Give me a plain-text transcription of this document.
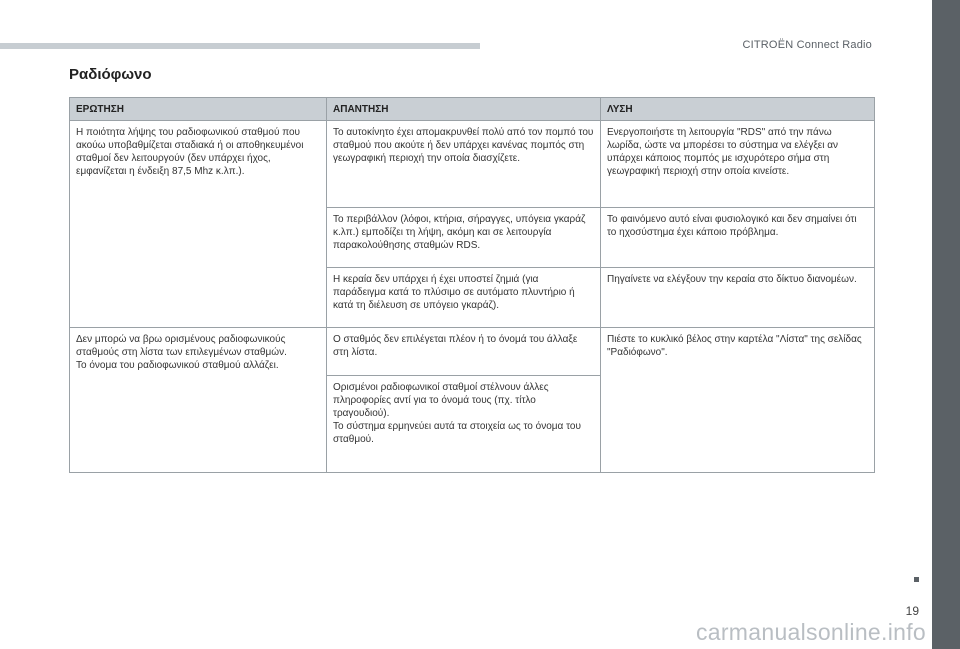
CITROËN Connect Radio
Ραδιόφωνο
ΕΡΩΤΗΣΗ	ΑΠΑΝΤΗΣΗ	ΛΥΣΗ

Η ποιότητα λήψης του ραδιοφωνικού σταθμού που ακούω υποβαθμίζεται σταδιακά ή οι αποθηκευμένοι σταθμοί δεν λειτουργούν (δεν υπάρχει ήχος, εμφανίζεται η ένδειξη 87,5 Mhz κ.λπ.).	Το αυτοκίνητο έχει απομακρυνθεί πολύ από τον πομπό του σταθμού που ακούτε ή δεν υπάρχει κανένας πομπός στη γεωγραφική περιοχή την οποία διασχίζετε.	Ενεργοποιήστε τη λειτουργία "RDS" από την πάνω λωρίδα, ώστε να μπορέσει το σύστημα να ελέγξει αν υπάρχει κάποιος πομπός με ισχυρότερο σήμα στη γεωγραφική περιοχή στην οποία κινείστε.

	Το περιβάλλον (λόφοι, κτήρια, σήραγγες, υπόγεια γκαράζ κ.λπ.) εμποδίζει τη λήψη, ακόμη και σε λειτουργία παρακολούθησης σταθμών RDS.	Το φαινόμενο αυτό είναι φυσιολογικό και δεν σημαίνει ότι το ηχοσύστημα έχει κάποιο πρόβλημα.

	Η κεραία δεν υπάρχει ή έχει υποστεί ζημιά (για παράδειγμα κατά το πλύσιμο σε αυτόματο πλυντήριο ή κατά τη διέλευση σε υπόγειο γκαράζ).	Πηγαίνετε να ελέγξουν την κεραία στο δίκτυο διανομέων.

Δεν μπορώ να βρω ορισμένους ραδιοφωνικούς σταθμούς στη λίστα των επιλεγμένων σταθμών.
Το όνομα του ραδιοφωνικού σταθμού αλλάζει.	Ο σταθμός δεν επιλέγεται πλέον ή το όνομά του άλλαξε στη λίστα.	Πιέστε το κυκλικό βέλος στην καρτέλα "Λίστα" της σελίδας "Ραδιόφωνο".

	Ορισμένοι ραδιοφωνικοί σταθμοί στέλνουν άλλες πληροφορίες αντί για το όνομά τους (πχ. τίτλο τραγουδιού).
Το σύστημα ερμηνεύει αυτά τα στοιχεία ως το όνομα του σταθμού.	
19
carmanualsonline.info
